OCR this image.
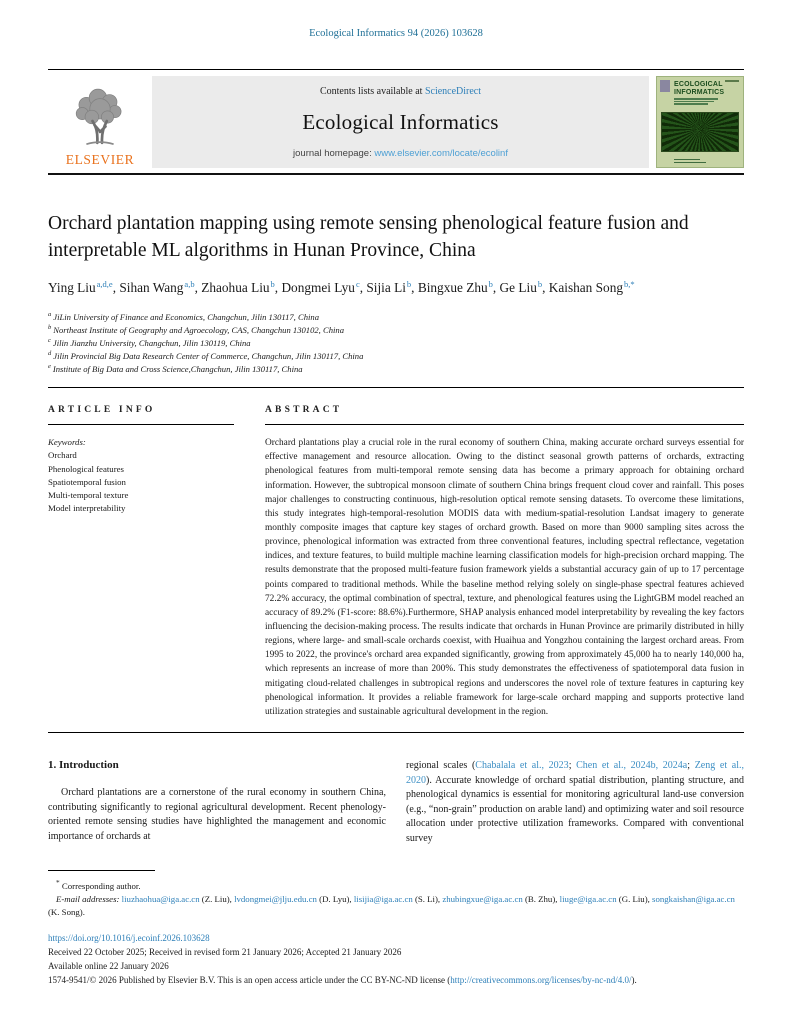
Ecological Informatics 94 (2026) 103628
ELSEVIER
Contents lists available at ScienceDirect
Ecological Informatics
journal homepage: www.elsevier.com/locate/ecolinf
ECOLOGICAL
INFORMATICS
Orchard plantation mapping using remote sensing phenological feature fusion and interpretable ML algorithms in Hunan Province, China
Ying Liu$^{a,d,e}$, Sihan Wang$^{a,b}$, Zhaohua Liu$^b$, Dongmei Lyu$^c$, Sijia Li$^b$, Bingxue Zhu$^b$, Ge Liu$^b$, Kaishan Song$^{b,*}$
$^a$ JiLin University of Finance and Economics, Changchun, Jilin 130117, China
$^b$ Northeast Institute of Geography and Agroecology, CAS, Changchun 130102, China
$^c$ Jilin Jianzhu University, Changchun, Jilin 130119, China
$^d$ Jilin Provincial Big Data Research Center of Commerce, Changchun, Jilin 130117, China
$^e$ Institute of Big Data and Cross Science,Changchun, Jilin 130117, China
ARTICLE INFO
Keywords:
Orchard
Phenological features
Spatiotemporal fusion
Multi-temporal texture
Model interpretability
ABSTRACT

Orchard plantations play a crucial role in the rural economy of southern China, making accurate orchard surveys essential for effective management and resource allocation. Owing to the distinct seasonal growth patterns of orchards, extracting phenological features from multi-temporal remote sensing data has become a primary approach for obtaining orchard information. However, the subtropical monsoon climate of southern China brings frequent cloud cover and rainfall. This poses major challenges to constructing continuous, high-resolution optical remote sensing datasets. To overcome these limitations, this study integrates high-temporal-resolution MODIS data with medium-spatial-resolution Landsat imagery to generate monthly composite images that capture key stages of orchard growth. Based on more than 9000 sampling sites across the province, phenological information was extracted from three conventional features, including spectral reflectance, vegetation indices, and texture features, to build multiple machine learning classification models for high-precision orchard mapping. The results demonstrate that the proposed multi-feature fusion framework yields a substantial accuracy gain of up to 17 percentage points compared to traditional methods. While the baseline method relying solely on single-phase spectral features achieved 72.2% accuracy, the optimal combination of spectral, texture, and phenological features using the LightGBM model reached an accuracy of 89.2% (F1-score: 88.6%).Furthermore, SHAP analysis enhanced model interpretability by revealing the key factors influencing the decision-making process. The results indicate that orchards in Hunan Province are primarily distributed in hilly regions, where large- and small-scale orchards coexist, with Huaihua and Yongzhou containing the largest orchard areas. From 1995 to 2022, the province's orchard area expanded significantly, growing from approximately 45,000 ha to nearly 140,000 ha, which represents an increase of more than 200%. This study demonstrates the effectiveness of spatiotemporal data fusion in mitigating cloud-related challenges in subtropical regions and underscores the novel role of texture features in capturing key phenological information. It provides a reliable framework for large-scale orchard mapping and supports protective land utilization strategies and sustainable agricultural development in the region.

1. Introduction

Orchard plantations are a cornerstone of the rural economy in southern China, contributing significantly to regional agricultural development. Recent phenology-oriented remote sensing studies have highlighted the management and economic importance of orchards at

regional scales (Chabalala et al., 2023; Chen et al., 2024b, 2024a; Zeng et al., 2020). Accurate knowledge of orchard spatial distribution, planting structure, and phenological dynamics is essential for monitoring agricultural land-use conversion (e.g., “non-grain” production on arable land) and optimizing water and soil resource allocation under protective utilization frameworks. Compared with conventional survey

* Corresponding author.
E-mail addresses: liuzhaohua@iga.ac.cn (Z. Liu), lvdongmei@jlju.edu.cn (D. Lyu), lisijia@iga.ac.cn (S. Li), zhubingxue@iga.ac.cn (B. Zhu), liuge@iga.ac.cn (G. Liu), songkaishan@iga.ac.cn (K. Song).
https://doi.org/10.1016/j.ecoinf.2026.103628
Received 22 October 2025; Received in revised form 21 January 2026; Accepted 21 January 2026
Available online 22 January 2026
1574-9541/© 2026 Published by Elsevier B.V. This is an open access article under the CC BY-NC-ND license (http://creativecommons.org/licenses/by-nc-nd/4.0/).
